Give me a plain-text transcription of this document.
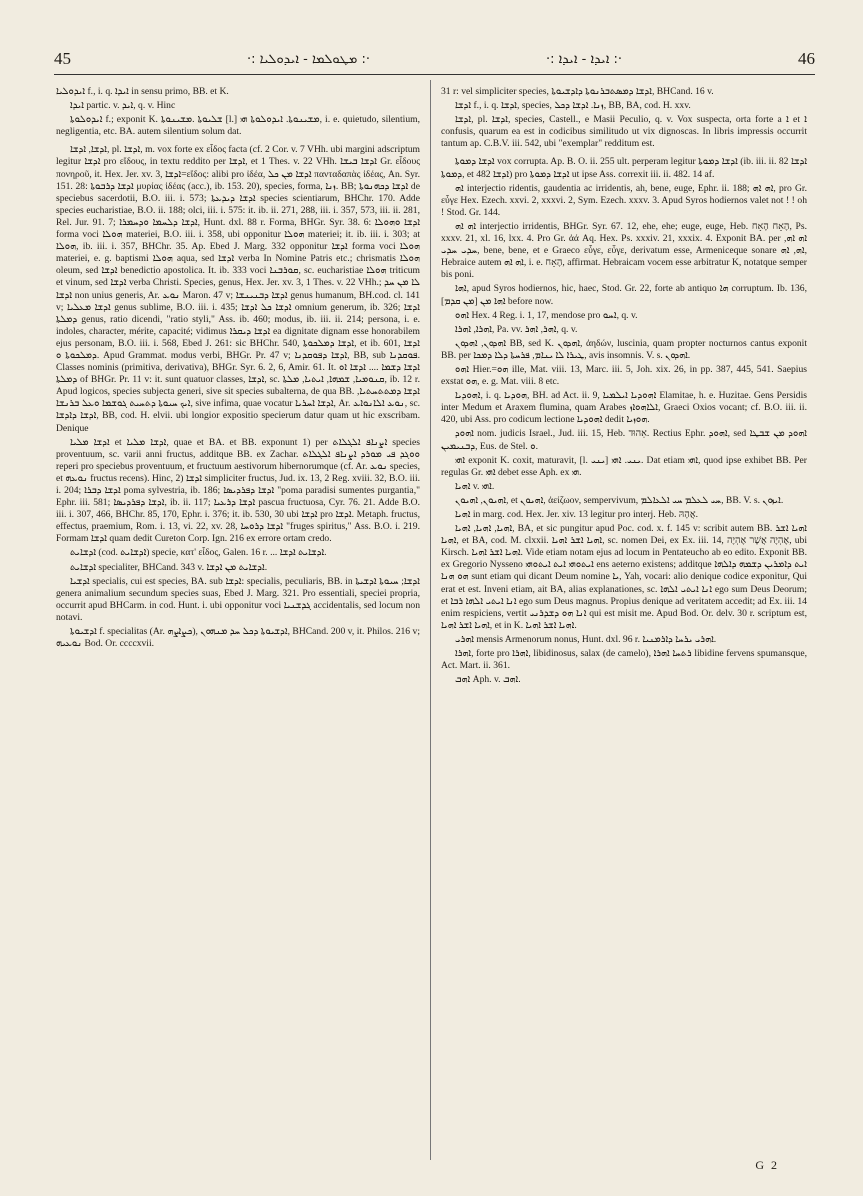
45	·: ܡܛܘܠܡܐ - ܐܝܕܘܠܝܐ :·	·: ܐܝܕܐ - ܐܝܕܐ :·	46

ܐܝܕܘܠܝܐ f., i. q. ܐܝܕܐ in sensu primo, BB. et K.

ܐܝܕܐ partic. v. ܐܝܕ, q. v. Hinc

ܐܝܕܘܠܘܬܐ f.; exponit K. ܫܠܝܘܬܐ .ܡܫܝܢܘܬܐ [l.] ܡܫܝܢܘܬܐ. ܐܝܕܘܠܘܬܐ ܗܝ, i. e. quietudo, silentium, negligentia, etc. BA. autem silentium solum dat.

ܐܕܫܐ, ܐܕܫܐ, pl. ܐܕܫܐ, m. vox forte ex εἶδος facta (cf. 2 Cor. v. 7 VHh. ubi margini adscriptum legitur ܐܕܫܐ pro εἴδους, in textu reddito per ܐܕܫܐ, et 1 Thes. v. 22 VHh. ܐܕܫܐ ܒܝܫܐ Gr. εἶδους πονηροῦ, it. Hex. Jer. xv. 3, ܐܕܫܐ=εἴδος: alibi pro ἰδέα, ܐܕܫܐ ܡܢ ܟܠ πανταδαπὰς ἰδέας, An. Syr. 151. 28: ܐܕܫܐ ܕܪܒܘܬܐ μυρίας ἰδέας (acc.), ib. 153. 20), species, forma, ܙܢܐ. BB; ܐܕܫܐ ܕܟܗܢܘܬܐ de speciebus sacerdotii, B.O. iii. i. 573; ܐܕܫܐ ܕܝܕܥܬܐ species scientiarum, BHChr. 170. Adde species eucharistiae, B.O. ii. 188; olci, iii. i. 575: it. ib. ii. 271, 288, iii. i. 357, 573, iii. ii. 281, Rel. Jur. 91. 7; ܐܕܫܐ ܕܠܚܡܐ ܘܕܚܡܪܐ, Hunt. dxl. 88 r. Forma, BHGr. Syr. 38. 6: ܐܕܫܐ ܘܗܘܠܐ forma voci ܗܘܠܐ materiei, B.O. iii. i. 358, ubi opponitur ܗܘܠܐ materiei; it. ib. iii. i. 303; at ܗܘܠܐ, ib. iii. i. 357, BHChr. 35. Ap. Ebed J. Marg. 332 opponitur ܐܕܫܐ forma voci ܗܘܠܐ materiei, e. g. baptismi ܗܘܠܐ aqua, sed ܐܕܫܐ verba In Nomine Patris etc.; chrismatis ܗܘܠܐ oleum, sed ܐܕܫܐ benedictio apostolica. It. ib. 333 voci ܩܘܪܒܢܐ, sc. eucharistiae ܗܘܠܐ triticum et vinum, sed ܐܕܫܐ verba Christi. Species, genus, Hex. Jer. xv. 3, 1 Thes. v. 22 VHh.; ܠܐ ܡܢ ܚܕ ܐܕܫܐ non unius generis, Ar. ܢܘܥ Maron. 47 v; ܐܕܫܐ ܕܒܢܝܢܫܐ genus humanum, BH.cod. cl. 141 v; ܐܕܫܐ ܡܥܠܝܐ genus sublime, B.O. iii. i. 435; ܐܕܫܐ ܟܠ ܐܕܫܐ omnium generum, ib. 326; ܐܕܫܐ ܕܡܠܬܐ genus, ratio dicendi, "ratio styli," Ass. ib. 460; modus, ib. iii. ii. 214; persona, i. e. indoles, character, mérite, capacité; vidimus ܐܕܫܐ ܕܝܩܪܐ ea dignitate dignam esse honorabilem ejus personam, B.O. iii. i. 568, Ebed J. 261: sic BHChr. 540, ܐܕܫܐ ܕܡܠܟܘܬܐ, et ib. 601, ܐܕܫܐ ܕܡܠܟܘܬܐ ܘ. Apud Grammat. modus verbi, BHGr. Pr. 47 v; ܐܕܫܐ ܕܦܘܩܕܢܐ, BB, sub ܦܘܩܕܢܐ. Classes nominis (primitiva, derivativa), BHGr. Syr. 6. 2, 6, Amir. 61. It. ܐܕܫܐ ܕܫܡܐ .... ܐܕܫܐ ܐܘ ܕܡܠܬܐ of BHGr. Pr. 11 v: it. sunt quatuor classes, ܐܕܫܐ, sc. ܩܢܘܡܝܐ, ܫܡܗܐ, ܐܝܬܝܐ, ܡܠܬܐ, ib. 12 r. Apud logicos, species subjecta generi, sive sit species subalterna, de qua BB. ܐܕܫܐ ܕܡܬܬܚܬܝܐ, ܐܝܟ ܚܝܘܬܐ ܕܬܚܝܬ ܓܘܫܡܐ ܘܥܠ ܒܪܢܫܐ, sive infima, quae vocatur ܐܕܫܐ ܐܚܪܝܐ, Ar. ܢܘܥ ܐܠܐܢܘܐܥ, sc. ܐܕܫܐ ܕܐܕܫܐ, BB, cod. H. elvii. ubi longior expositio specierum datur quam ut hic exscribam. Denique

ܐܕܫܐ ܡܠܝܐ et ܐܕܫܐ ܡܠܝܐ, quae et BA. et BB. exponunt 1) per ܐܨܢܐܦ ܐܠܓܠܐܬ species proventuum, sc. varii anni fructus, additque BB. ex Zachar. ܘܘܓܕ ܦܝ ܡܘܪܕ ܐܨܢܐܦ ܐܠܓܠܐܬ reperi pro speciebus proventuum, et fructuum aestivorum hibernorumque (cf. Ar. ܢܘܥ species, et ܢܘܥܗ fructus recens). Hinc, 2) ܐܕܫܐ simpliciter fructus, Jud. ix. 13, 2 Reg. xviii. 32, B.O. iii. i. 204; ܐܕܫܐ ܕܒܪܐ poma sylvestria, ib. 186; ܐܕܫܐ ܕܦܪܕܝܣܐ "poma paradisi sumentes purgantia," Ephr. iii. 581; ܐܕܫܐ ܕܦܪܕܝܣܐ, ib. ii. 117; ܐܕܫܐ ܕܪܥܝܐ pascua fructuosa, Cyr. 76. 21. Adde B.O. iii. i. 307, 466, BHChr. 85, 170, Ephr. i. 376; it. ib. 530, 30 ubi ܐܕܫܐ pro ܐܕܫܐ. Metaph. fructus, effectus, praemium, Rom. i. 13, vi. 22, xv. 28, ܐܕܫܐ ܕܪܘܚܐ "fruges spiritus," Ass. B.O. i. 219. Formam ܐܕܫܐ quam dedit Cureton Corp. Ign. 216 ex errore ortam credo.

ܐܕܫܐܝܬ (cod. ܐܕܫܐܝܬ) specie, κατ' εἶδος, Galen. 16 r. ... ܐܕܫܐܝܬ ܐܕܫܐ.

ܐܕܫܐܝܬ specialiter, BHCand. 343 v. ܐܕܫܐܝܬ ܡܢ ܐܕܫܐ.

ܐܕܫܝܐ specialis, cui est species, BA. sub ܐܕܫܐ: specialis, peculiaris, BB. in ܐܕܫܐ; ܚܝܘܬܐ ܐܕܫܝܬܐ genera animalium secundum species suas, Ebed J. Marg. 321. Pro essentiali, speciei propria, occurrit apud BHCarm. in cod. Hunt. i. ubi opponitur voci ܓܕܫܢܝܐ accidentalis, sed locum non notavi.

ܐܕܫܝܘܬܐ f. specialitas (Ar. ܟܨܐܨܗ), ܐܕܫܝܘܬܐ ܕܟܠ ܚܕ ܡܢܗܘܢ, BHCand. 200 v, it. Philos. 216 v; ܢܘܥܝܗ Bod. Or. ccccxvii.

31 r: vel simpliciter species, ܐܕܫܐ ܕܡܣܬܒܪܢܘܬܐ ܕܐܕܫܝܘܬܐ, BHCand. 16 v.

ܐܕܫܐ f., i. q. ܐܕܫܐ, species, ܙܢܐ. ܐܕܫܐ ܕܟܠ, BB, BA, cod. H. xxv.

ܐܕܫܐ, pl. ܐܕܫܐ, species, Castell., e Masii Peculio, q. v. Vox suspecta, orta forte a ܐ et ܐ confusis, quarum ea est in codicibus similitudo ut vix dignoscas. In libris impressis occurrit tantum ap. C.B.V. iii. 542, ubi "exemplar" redditum est.

ܐܕܫܐ ܕܡܘܬܐ vox corrupta. Ap. B. O. ii. 255 ult. perperam legitur ܐܕܫܐ ܕܡܘܬܐ (ib. iii. ii. 82 ܐܕܫܐ ܕܡܘܬܐ, et 482 ܐܕܫܐ) pro ܐܕܫܐ ܕܡܘܬܐ ut ipse Ass. correxit iii. ii. 482. 14 af.

ܐܗ interjectio ridentis, gaudentia ac irridentis, ah, bene, euge, Ephr. ii. 188; ܐܗ ܐܗ, pro Gr. εὖγε Hex. Ezech. xxvi. 2, xxxvi. 2, Sym. Ezech. xxxv. 3. Apud Syros hodiernos valet not ! ! oh ! Stod. Gr. 144.

ܐܗ ܐܗ interjectio irridentis, BHGr. Syr. 67. 12, ehe, ehe; euge, euge, Heb. הֶאָח הֶאָח, Ps. xxxv. 21, xl. 16, lxx. 4. Pro Gr. ἀά Aq. Hex. Ps. xxxiv. 21, xxxix. 4. Exponit BA. per ܐܗ ܐܗ, ܚܕܝ ܚܕܝ, bene, bene, et e Graeco εὖγε, εὖγε, derivatum esse, Armeniceque sonare ܐܗ, ܐܗ, Hebraice autem ܐܗ ܐܗ, i. e. הֶאָח, affirmat. Hebraicam vocem esse arbitratur K, notatque semper bis poni.

ܐܗܐ, apud Syros hodiernos, hic, haec, Stod. Gr. 22, forte ab antiquo ܗܐ corruptum. Ib. 136, [ܡܢ ܩܕܡ] ܐܗܐ ܡܢ before now.

ܐܗܘ Hex. 4 Reg. i. 1, 17, mendose pro ܐܚܘ, q. v.

ܐܗܪܐ, ܐܗܪܐ, Pa. vv. ܐܗܪ, ܐܗܪ, q. v.

ܐܗܕܘܢ, ܐܗܕܘܢ BB, sed K. ܐܗܕܘܢ, ἀηδών, luscinia, quam propter nocturnos cantus exponit BB. per ܛܝܪܐ ܠܐ ܝܢܐܡ, ܦܪܚܬܐ ܕܠܐ ܕܡܟܐ, avis insomnis. V. s. ܐܗܕܘܢ.

ܐܗܘ Hier.=ܗܘ ille, Mat. viii. 13, Marc. iii. 5, Joh. xix. 26, in pp. 387, 445, 541. Saepius exstat ܗܘ, e. g. Mat. viii. 8 etc.

ܐܗܘܕܝܐ, i. q. ܗܘܕܝܐ, BH. ad Act. ii. 9, ܐܗܘܕܝܐ ܐܝܠܡܝܐ Elamitae, h. e. Huzitae. Gens Persidis inter Medum et Araxem flumina, quam Arabes ܐܠܐܗܘܐܙ, Graeci Oxios vocant; cf. B.O. iii. ii. 420, ubi Ass. pro codicum lectione ܐܗܘܕܝܐ dedit ܗܘܙܝܐ.

ܐܗܘܕ nom. judicis Israel., Jud. iii. 15, Heb. אֵהוּד. Rectius Ephr. ܐܗܘܕ, sed ܐܗܘܕ ܡܢ ܫܒܛܐ ܕܒܢܝܡܝܢ, Eus. de Stel. ܘ.

ܐܗܝ exponit K. coxit, maturavit, [l. ܝܢܝ] ܝܢܝ. ܐܗܝ. Dat etiam ܐܗܝ, quod ipse exhibet BB. Per regulas Gr. ܐܗܝ debet esse Aph. ex ܗܝ.

ܐܗܝܐ v. ܐܗܝ.

ܐܗܝܘܢ, ܐܗܝܘܢ, et ܐܗܝܘܢ, ἀείζωον, sempervivum, ܚܝ ܠܥܠܡ ܚܝ ܐܠܥܐܠܡ, BB. V. s. ܐܝܙܘܢ.

ܐܗܝܐ in marg. cod. Hex. Jer. xiv. 13 legitur pro interj. Heb. אֲהָהּ.

ܐܗܝܐ, ܐܗܝܐ, ܐܗܝܐ, BA, et sic pungitur apud Poc. cod. x. f. 145 v: scribit autem BB. ܐܗܝܐ ܐܫܪ ܐܗܝܐ, et BA, cod. M. clxxii. ܐܗܝܐ ܐܫܪ ܐܗܝܐ, sc. nomen Dei, ex Ex. iii. 14, אֶהְיֶה אֲשֶׁר אֶהְיֶה, ubi Kirsch. ܐܗܝܐ ܐܫܪ ܐܗܝܐ. Vide etiam notam ejus ad locum in Pentateucho ab eo edito. Exponit BB. ex Gregorio Nysseno ܐܝܬܘܗܝ ܐܝܬ ܐܝܬܘܗܝ ens aeterno existens; additque ܐܝܬ ܕܐܡܪܝܢ ܕܫܡܗ ܕܐܠܗܐ ܗܘ ܗܢܐ sunt etiam qui dicant Deum nomine ܝܐ, Yah, vocari: alio denique codice exponitur, Qui erat et est. Inveni etiam, ait BA, alias explanationes, sc. ܐܢܐ ܐܝܬܝ ܐܠܗܐ ego sum Deus Deorum; et ܐܢܐ ܐܝܬܝ ܐܠܗܐ ܪܒܐ ego sum Deus magnus. Propius denique ad veritatem accedit; ad Ex. iii. 14 enim respiciens, vertit ܐܢܐ ܗܘ ܕܫܕܪܢܝ qui est misit me. Apud Bod. Or. delv. 30 r. scriptum est, ܐܗܝܐ ܐܫܪ ܐܗܝܐ, et in K. ܐܗܝܐ ܐܫܪ ܐܗܝܐ.

ܐܗܪܝ mensis Armenorum nonus, Hunt. dxl. 96 r. ܐܗܪܝ ܝܪܚܐ ܕܐܪܡܢܝܐ.

ܐܗܪܐ, forte pro ܐܗܪܐ, libidinosus, salax (de camelo), ܪܬܚܐ ܐܗܪܐ libidine fervens spumansque, Act. Mart. ii. 361.

ܐܗܒ Aph. v. ܐܗܒ.

G 2
